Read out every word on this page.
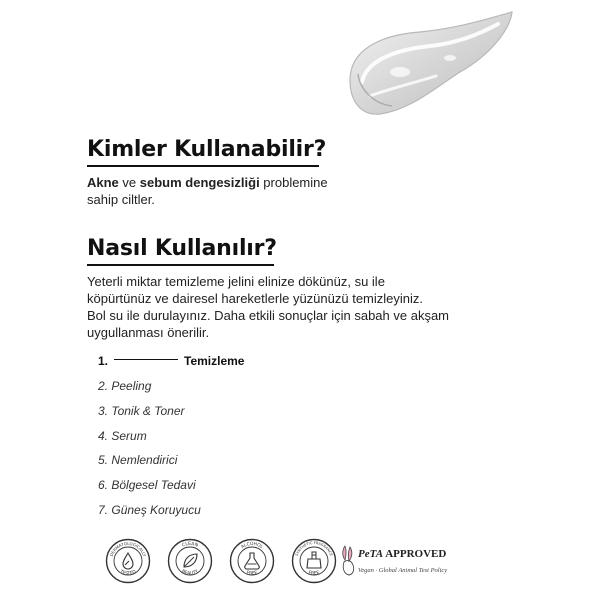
Kimler Kullanabilir?
Akne ve sebum dengesizliği problemine
sahip ciltler.
Nasıl Kullanılır?
Yeterli miktar temizleme jelini elinize dökünüz, su ile
köpürtünüz ve dairesel hareketlerle yüzünüzü temizleyiniz.
Bol su ile durulayınız. Daha etkili sonuçlar için sabah ve akşam
uygullanması önerilir.
1.	Temizleme
2. Peeling
3. Tonik & Toner
4. Serum
5. Nemlendirici
6. Bölgesel Tedavi
7. Güneş Koruyucu
DERMATOLOGICALLY
TESTED
CLEAN
BEAUTY
ALCOHOL
FREE
SYNTHETIC FRAGRANCE
FREE
PeTA APPROVED
Vegan · Global Animal Test Policy
